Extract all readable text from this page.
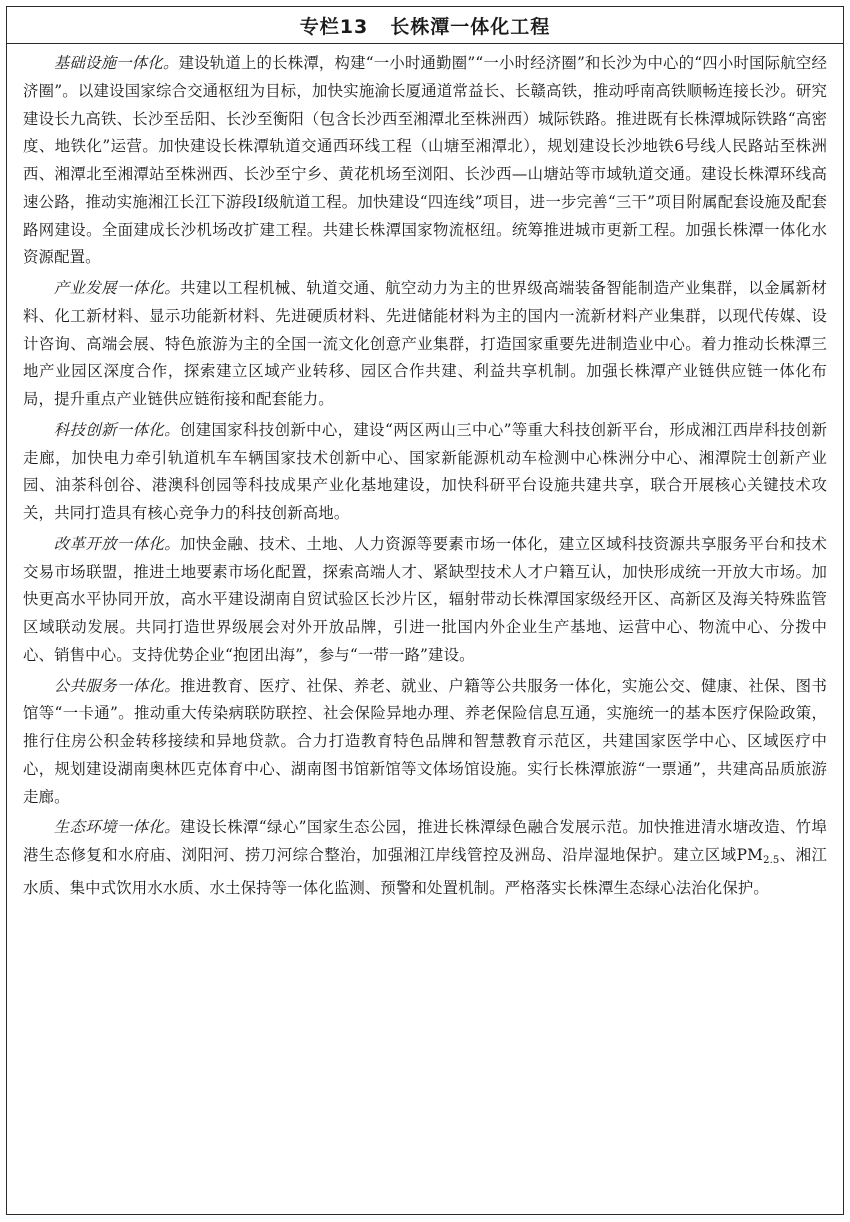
专栏13 长株潭一体化工程

基础设施一体化。建设轨道上的长株潭，构建“一小时通勤圈”“一小时经济圈”和长沙为中心的“四小时国际航空经济圈”。以建设国家综合交通枢纽为目标，加快实施渝长厦通道常益长、长赣高铁，推动呼南高铁顺畅连接长沙。研究建设长九高铁、长沙至岳阳、长沙至衡阳（包含长沙西至湘潭北至株洲西）城际铁路。推进既有长株潭城际铁路“高密度、地铁化”运营。加快建设长株潭轨道交通西环线工程（山塘至湘潭北），规划建设长沙地铁6号线人民路站至株洲西、湘潭北至湘潭站至株洲西、长沙至宁乡、黄花机场至浏阳、长沙西—山塘站等市域轨道交通。建设长株潭环线高速公路，推动实施湘江长江下游段Ⅰ级航道工程。加快建设“四连线”项目，进一步完善“三干”项目附属配套设施及配套路网建设。全面建成长沙机场改扩建工程。共建长株潭国家物流枢纽。统筹推进城市更新工程。加强长株潭一体化水资源配置。

产业发展一体化。共建以工程机械、轨道交通、航空动力为主的世界级高端装备智能制造产业集群，以金属新材料、化工新材料、显示功能新材料、先进硬质材料、先进储能材料为主的国内一流新材料产业集群，以现代传媒、设计咨询、高端会展、特色旅游为主的全国一流文化创意产业集群，打造国家重要先进制造业中心。着力推动长株潭三地产业园区深度合作，探索建立区域产业转移、园区合作共建、利益共享机制。加强长株潭产业链供应链一体化布局，提升重点产业链供应链衔接和配套能力。

科技创新一体化。创建国家科技创新中心，建设“两区两山三中心”等重大科技创新平台，形成湘江西岸科技创新走廊，加快电力牵引轨道机车车辆国家技术创新中心、国家新能源机动车检测中心株洲分中心、湘潭院士创新产业园、油茶科创谷、港澳科创园等科技成果产业化基地建设，加快科研平台设施共建共享，联合开展核心关键技术攻关，共同打造具有核心竞争力的科技创新高地。

改革开放一体化。加快金融、技术、土地、人力资源等要素市场一体化，建立区域科技资源共享服务平台和技术交易市场联盟，推进土地要素市场化配置，探索高端人才、紧缺型技术人才户籍互认，加快形成统一开放大市场。加快更高水平协同开放，高水平建设湖南自贸试验区长沙片区，辐射带动长株潭国家级经开区、高新区及海关特殊监管区域联动发展。共同打造世界级展会对外开放品牌，引进一批国内外企业生产基地、运营中心、物流中心、分拨中心、销售中心。支持优势企业“抱团出海”，参与“一带一路”建设。

公共服务一体化。推进教育、医疗、社保、养老、就业、户籍等公共服务一体化，实施公交、健康、社保、图书馆等“一卡通”。推动重大传染病联防联控、社会保险异地办理、养老保险信息互通，实施统一的基本医疗保险政策，推行住房公积金转移接续和异地贷款。合力打造教育特色品牌和智慧教育示范区，共建国家医学中心、区域医疗中心，规划建设湖南奥林匹克体育中心、湖南图书馆新馆等文体场馆设施。实行长株潭旅游“一票通”，共建高品质旅游走廊。

生态环境一体化。建设长株潭“绿心”国家生态公园，推进长株潭绿色融合发展示范。加快推进清水塘改造、竹埠港生态修复和水府庙、浏阳河、捞刀河综合整治，加强湘江岸线管控及洲岛、沿岸湿地保护。建立区域$PM_{2.5}$、湘江水质、集中式饮用水水质、水土保持等一体化监测、预警和处置机制。严格落实长株潭生态绿心法治化保护。
